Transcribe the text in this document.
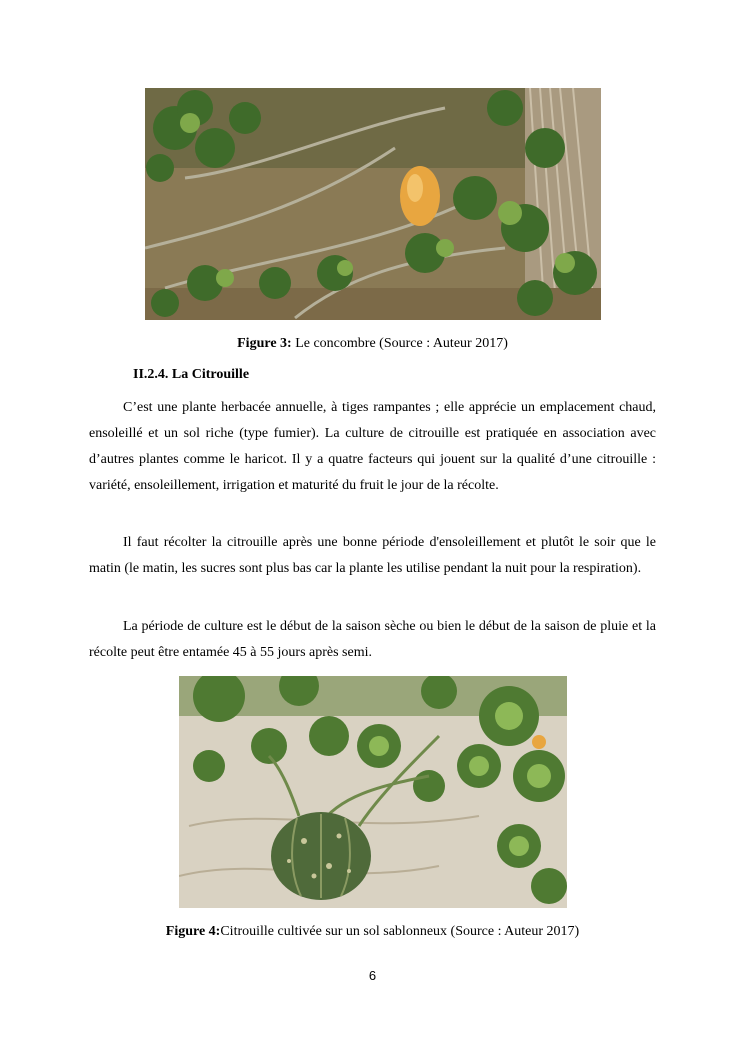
Figure 3: Le concombre (Source : Auteur 2017)
II.2.4. La Citrouille

C’est une plante herbacée annuelle, à tiges rampantes ; elle apprécie un emplacement chaud, ensoleillé et un sol riche (type fumier). La culture de citrouille est pratiquée en association avec d’autres plantes comme le haricot. Il y a quatre facteurs qui jouent sur la qualité d’une citrouille : variété, ensoleillement, irrigation et maturité du fruit le jour de la récolte.

Il faut récolter la citrouille après une bonne période d'ensoleillement et plutôt le soir que le matin (le matin, les sucres sont plus bas car la plante les utilise pendant la nuit pour la respiration).

La période de culture est le début de la saison sèche ou bien le début de la saison de pluie et la récolte peut être entamée 45 à 55 jours après semi.

Figure 4:Citrouille cultivée sur un sol sablonneux (Source : Auteur 2017)
6
